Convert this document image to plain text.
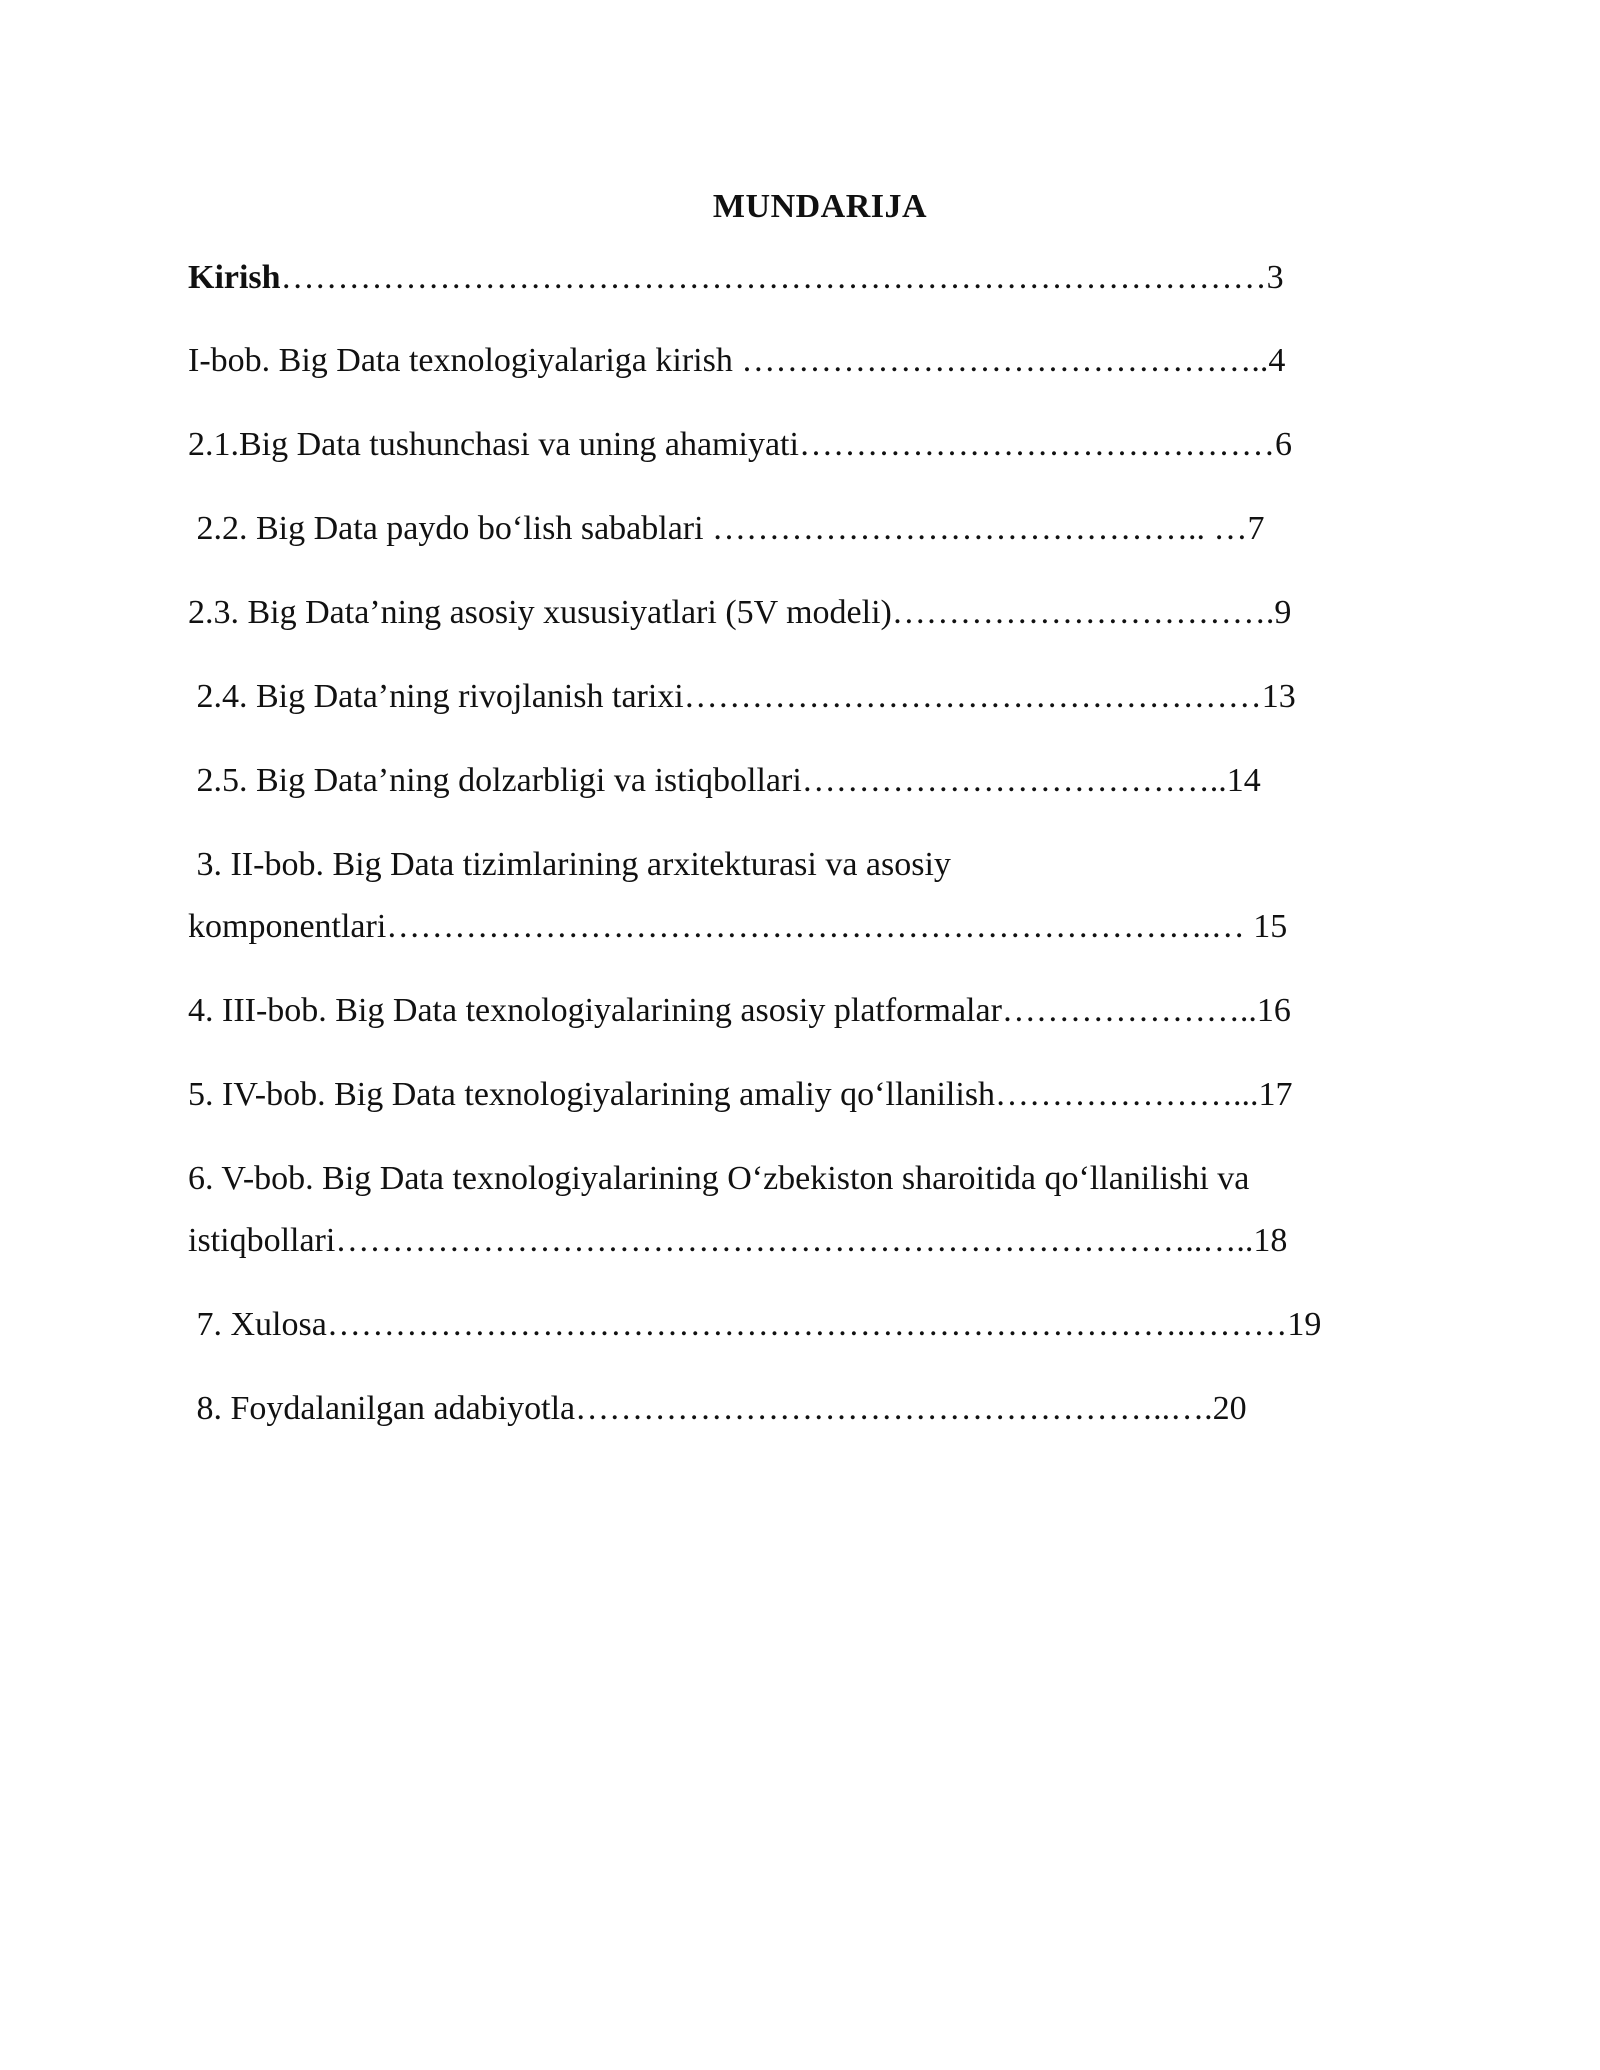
MUNDARIJA
Kirish……………………………………………………………………………3
I-bob. Big Data texnologiyalariga kirish ………………………………………..4
2.1.Big Data tushunchasi va uning ahamiyati……………………………………6
2.2. Big Data paydo bo‘lish sabablari …………………………………….. …7
2.3. Big Data’ning asosiy xususiyatlari (5V modeli)…………………………….9
2.4. Big Data’ning rivojlanish tarixi……………………………………………13
2.5. Big Data’ning dolzarbligi va istiqbollari………………………………..14
3. II-bob. Big Data tizimlarining arxitekturasi va asosiy
komponentlari……………………………………………………………….… 15
4. III-bob. Big Data texnologiyalarining asosiy platformalar…………………..16
5. IV-bob. Big Data texnologiyalarining amaliy qo‘llanilish…………………...17
6. V-bob. Big Data texnologiyalarining O‘zbekiston sharoitida qo‘llanilishi va
istiqbollari…………………………………………………………………..…..18
7. Xulosa………………………………………………………………….………19
8. Foydalanilgan adabiyotla……………………………………………..….20
